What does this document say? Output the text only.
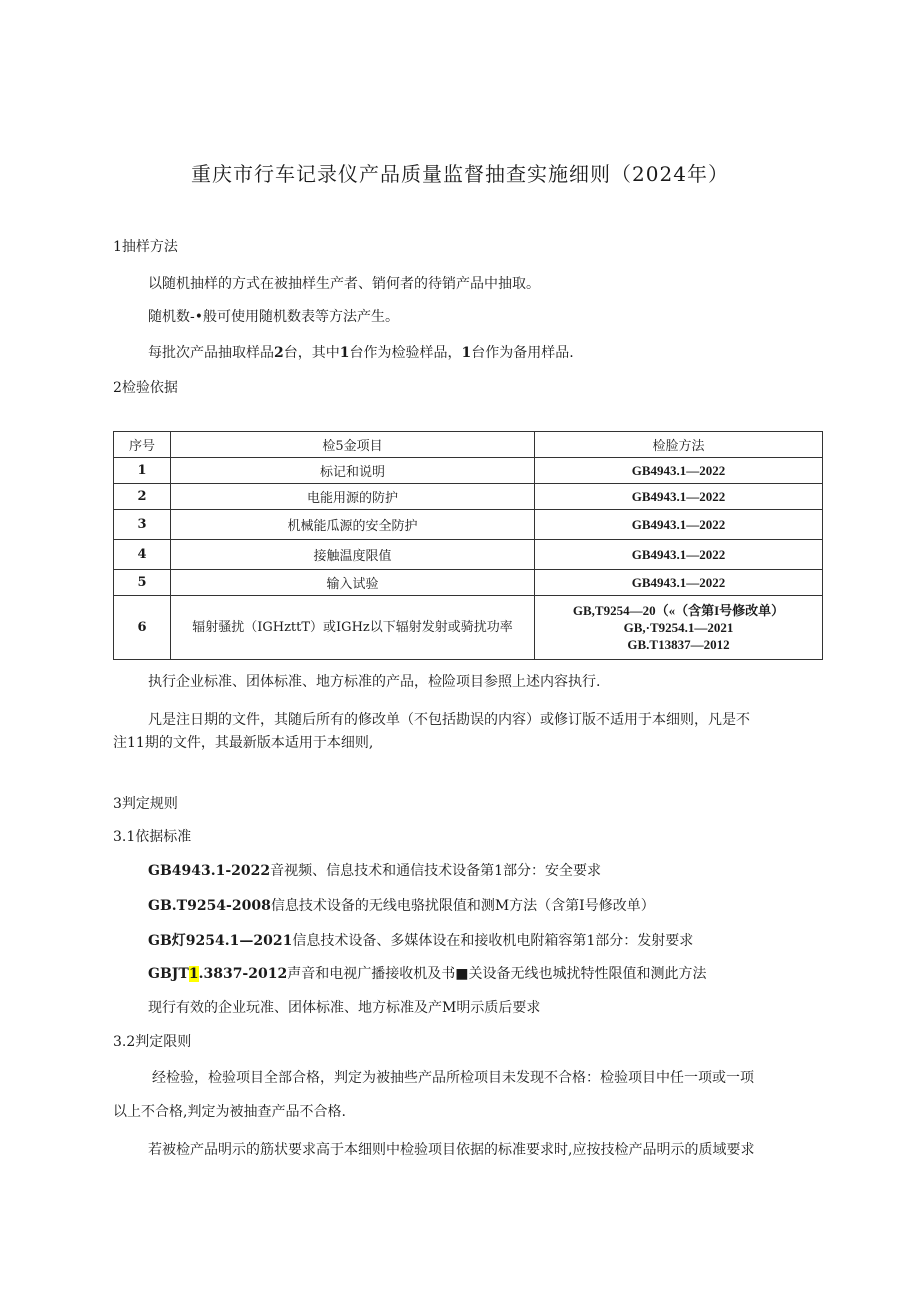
重庆市行车记录仪产品质量监督抽查实施细则（2024年）
1抽样方法
以随机抽样的方式在被抽样生产者、销何者的待销产品中抽取。
随机数-•般可使用随机数表等方法产生。
每批次产品抽取样品2台，其中1台作为检验样品，1台作为备用样品.
2检验依据
序号	检5金项目	检脸方法
1	标记和说明	GB4943.1—2022
2	电能用源的防护	GB4943.1—2022
3	机械能瓜源的安全防护	GB4943.1—2022
4	接触温度限值	GB4943.1—2022
5	输入试验	GB4943.1—2022
6	辐射骚扰（IGHzttT）或IGHz以下辐射发射或骑扰功率	GB,T9254—20（«（含第I号修改单）
GB,·T9254.1—2021
GB.T13837—2012
执行企业标准、团体标准、地方标准的产品，检险项目参照上述内容执行.
凡是注日期的文件，其随后所有的修改单（不包括勘误的内容）或修订版不适用于本细则，凡是不
注11期的文件，其最新版本适用于本细则,
3判定规则
3.1依据标准
GB4943.1-2022音视频、信息技术和通信技术设备第1部分：安全要求
GB.T9254-2008信息技术设备的无线电骆扰限值和测M方法（含第I号修改单）
GB灯9254.1—2021信息技术设备、多媒体设在和接收机电附箱容第1部分：发射要求
GBJT1.3837-2012声音和电视广播接收机及书■关设备无线也城扰特性限值和测此方法
现行有效的企业玩准、团体标准、地方标准及产M明示质后要求
3.2判定限则
经检验，检验项目全部合格，判定为被抽些产品所检项目未发现不合格：检验项目中任一项或一项
以上不合格,判定为被抽查产品不合格.
若被检产品明示的筋状要求高于本细则中检验项目依据的标准要求时,应按技检产品明示的质域要求
